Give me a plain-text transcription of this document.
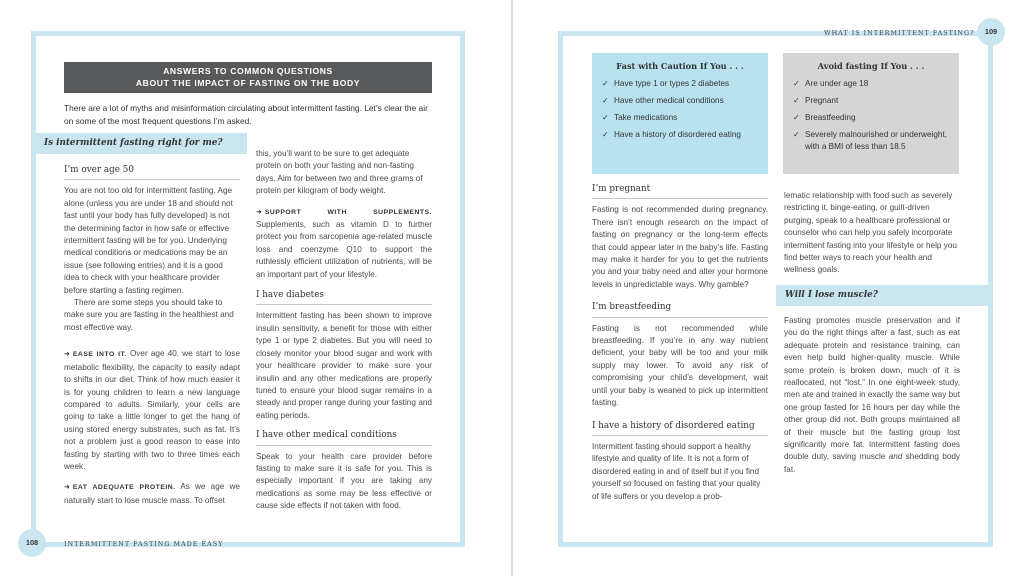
ANSWERS TO COMMON QUESTIONS
ABOUT THE IMPACT OF FASTING ON THE BODY

There are a lot of myths and misinformation circulating about intermittent fasting. Let’s clear the air on some of the most frequent questions I’m asked.

Is intermittent fasting right for me?
I’m over age 50

You are not too old for intermittent fasting. Age alone (unless you are under 18 and should not fast until your body has fully developed) is not the determining factor in how safe or effective intermittent fasting will be for you. Underlying medical conditions or medications may be an issue (see following entries) and it is a good idea to check with your healthcare provider before starting a fasting regimen.

There are some steps you should take to make sure you are fasting in the healthiest and most effective way.

➜ EASE INTO IT. Over age 40, we start to lose metabolic flexibility, the capacity to easily adapt to shifts in our diet. Think of how much easier it is for young children to learn a new language compared to adults. Similarly, your cells are going to take a little longer to get the hang of using stored energy substrates, such as fat. It’s not a problem just a good reason to ease into fasting by starting with two to three times each week.

➜ EAT ADEQUATE PROTEIN. As we age we naturally start to lose muscle mass. To offset

this, you’ll want to be sure to get adequate protein on both your fasting and non-fasting days. Aim for between two and three grams of protein per kilogram of body weight.

➜ SUPPORT WITH SUPPLEMENTS. Supplements, such as vitamin D to further protect you from sarcopenia age-related muscle loss and coenzyme Q10 to support the ruthlessly efficient utilization of nutrients, will be an important part of your lifestyle.

I have diabetes

Intermittent fasting has been shown to improve insulin sensitivity, a benefit for those with either type 1 or type 2 diabetes. But you will need to closely monitor your blood sugar and work with your healthcare provider to make sure your insulin and any other medications are properly tuned to ensure your blood sugar remains in a steady and proper range during your fasting and eating periods.

I have other medical conditions

Speak to your health care provider before fasting to make sure it is safe for you. This is especially important if you are taking any medications as some may be less effective or cause side effects if not taken with food.

108	INTERMITTENT FASTING MADE EASY
WHAT IS INTERMITTENT FASTING?	109
Fast with Caution If You . . .
✓ Have type 1 or types 2 diabetes
✓ Have other medical conditions
✓ Take medications
✓ Have a history of disordered eating
Avoid fasting If You . . .
✓ Are under age 18
✓ Pregnant
✓ Breastfeeding
✓ Severely malnourished or underweight, with a BMI of less than 18.5
I’m pregnant

Fasting is not recommended during pregnancy. There isn’t enough research on the impact of fasting on pregnancy or the long-term effects that could appear later in the baby’s life. Fasting may make it harder for you to get the nutrients you and your baby need and alter your hormone levels in unpredictable ways. Why gamble?

I’m breastfeeding

Fasting is not recommended while breastfeeding. If you’re in any way nutrient deficient, your baby will be too and your milk supply may lower. To avoid any risk of compromising your child’s development, wait until your baby is weaned to pick up intermittent fasting.

I have a history of disordered eating

Intermittent fasting should support a healthy lifestyle and quality of life. It is not a form of disordered eating in and of itself but if you find yourself so focused on fasting that your quality of life suffers or you develop a prob-

lematic relationship with food such as severely restricting it, binge-eating, or guilt-driven purging, speak to a healthcare professional or counselor who can help you safely incorporate intermittent fasting into your lifestyle or help you find better ways to reach your health and wellness goals.

Will I lose muscle?
Fasting promotes muscle preservation and if you do the right things after a fast, such as eat adequate protein and resistance training, can even help build higher-quality muscle. While some protein is broken down, much of it is reallocated, not “lost.” In one eight-week study, men ate and trained in exactly the same way but one group fasted for 16 hours per day while the other group did not. Both groups maintained all of their muscle but the fasting group lost significantly more fat. Intermittent fasting does double duty, saving muscle and shedding body fat.
